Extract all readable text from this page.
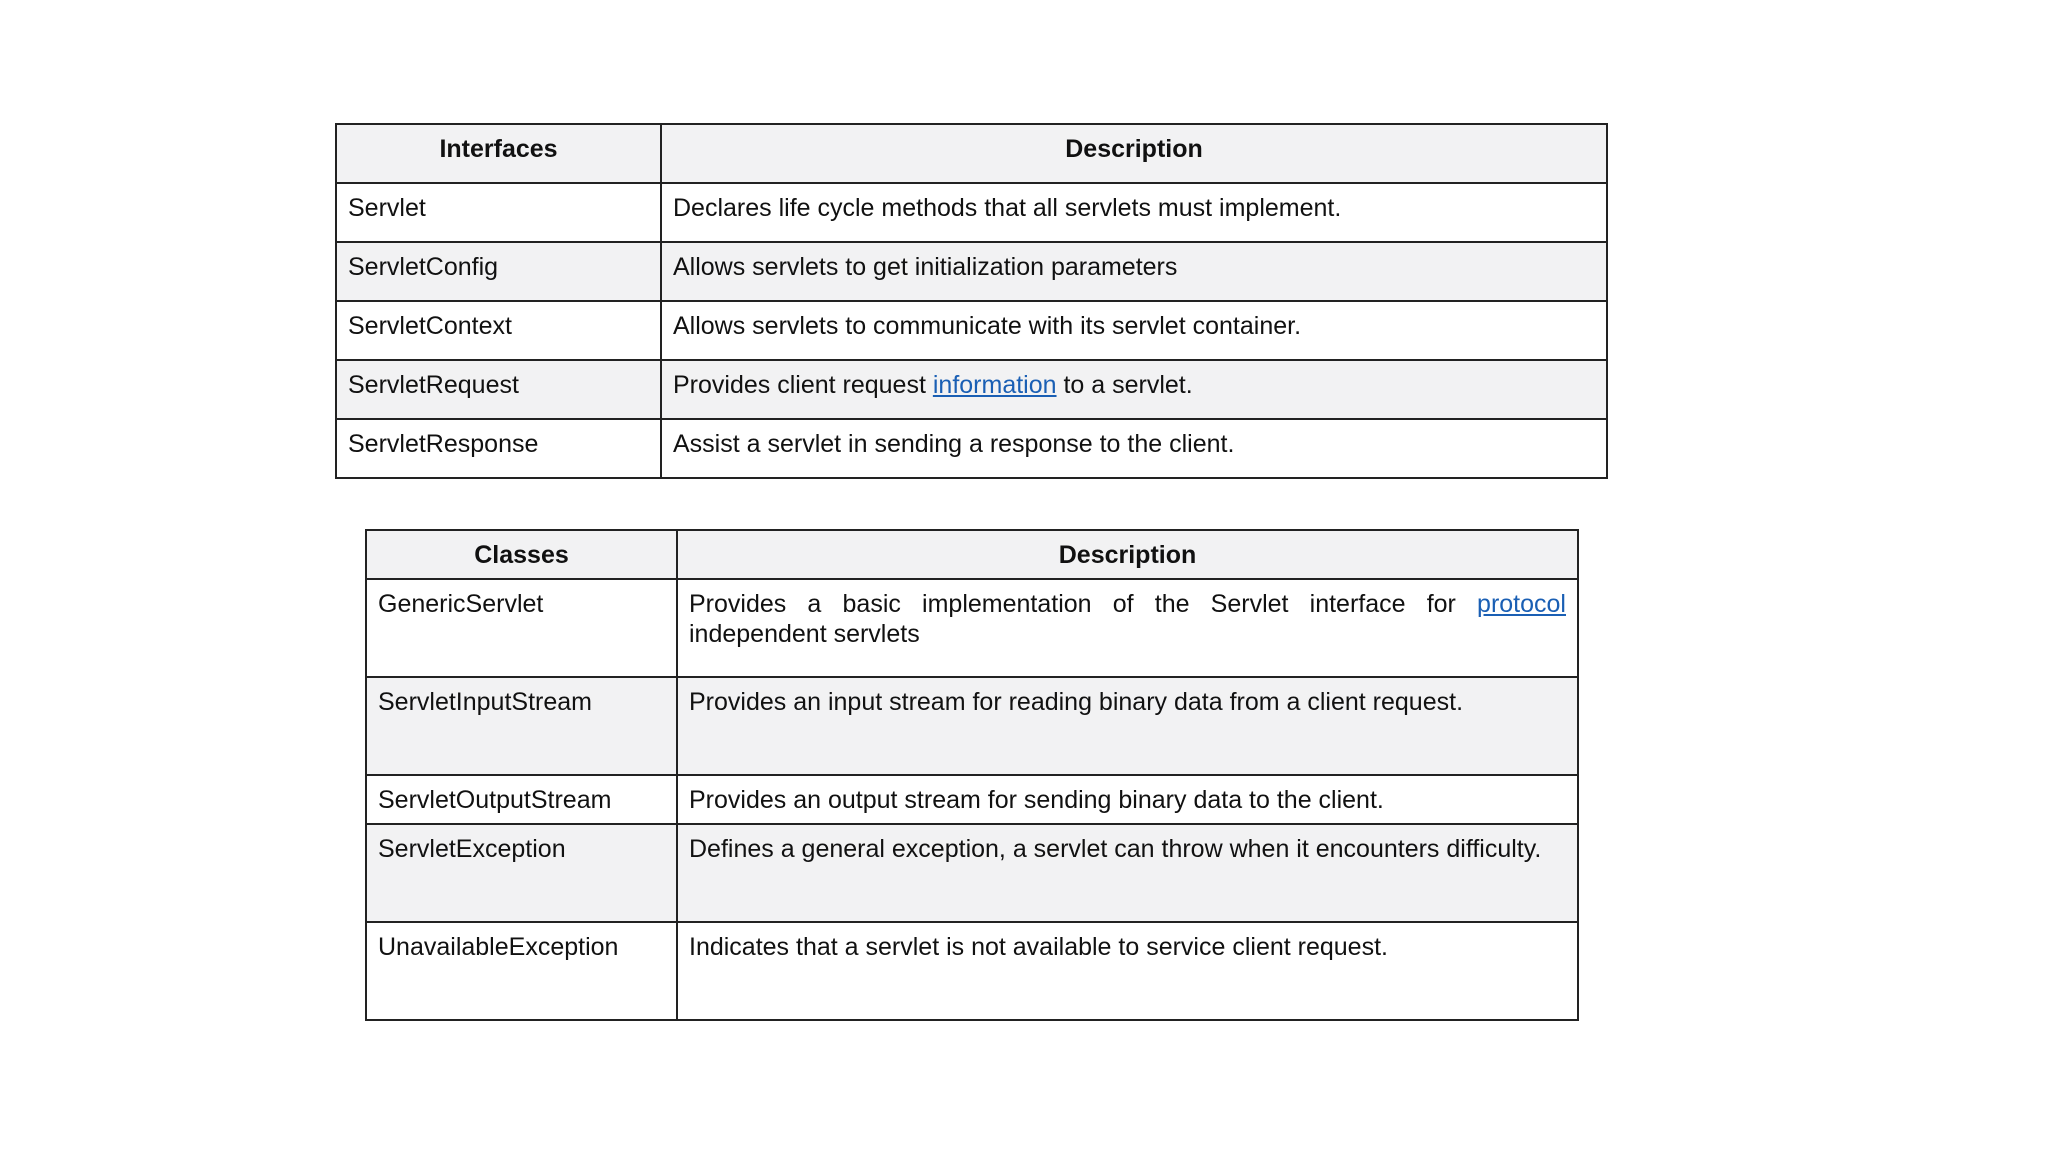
Interfaces	Description
Servlet	Declares life cycle methods that all servlets must implement.
ServletConfig	Allows servlets to get initialization parameters
ServletContext	Allows servlets to communicate with its servlet container.
ServletRequest	Provides client request information to a servlet.
ServletResponse	Assist a servlet in sending a response to the client.
Classes	Description
GenericServlet	Provides a basic implementation of the Servlet interface for protocol independent servlets
ServletInputStream	Provides an input stream for reading binary data from a client request.
ServletOutputStream	Provides an output stream for sending binary data to the client.
ServletException	Defines a general exception, a servlet can throw when it encounters difficulty.
UnavailableException	Indicates that a servlet is not available to service client request.
